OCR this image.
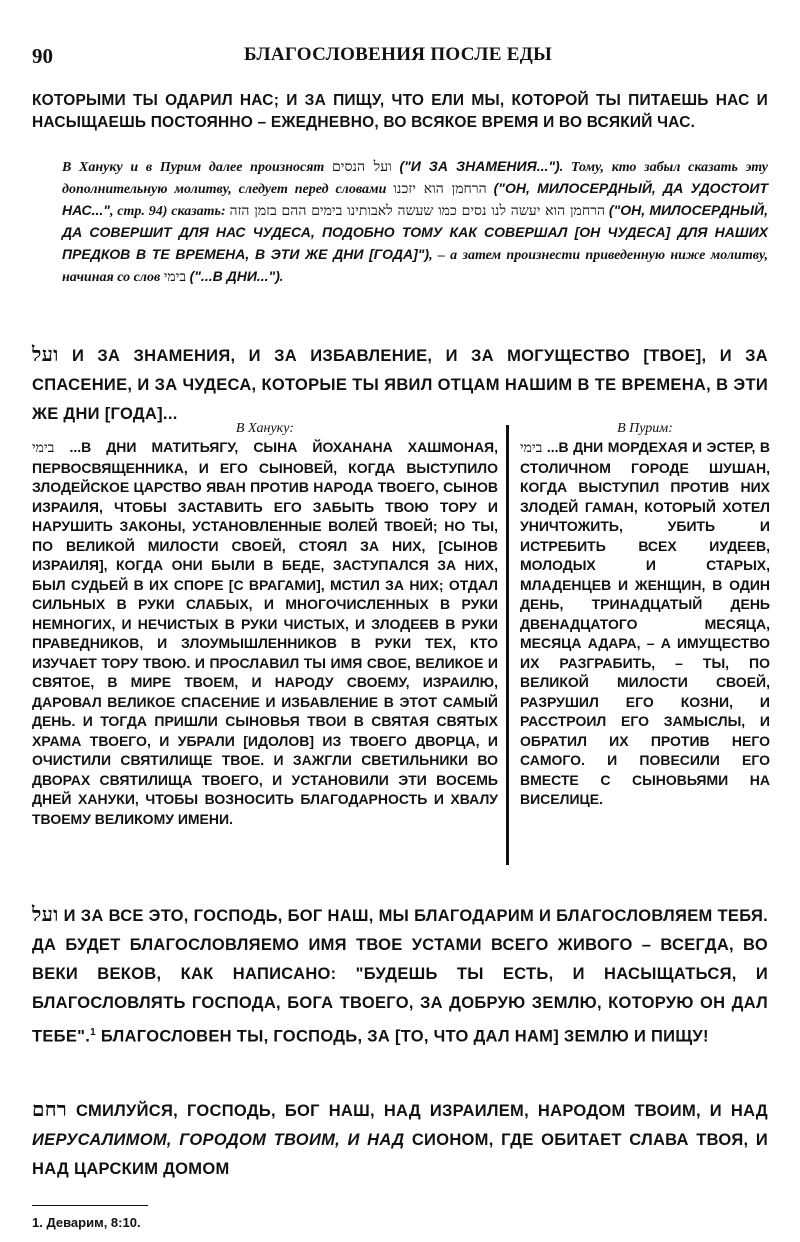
90	БЛАГОСЛОВЕНИЯ ПОСЛЕ ЕДЫ

КОТОРЫМИ ТЫ ОДАРИЛ НАС; И ЗА ПИЩУ, ЧТО ЕЛИ МЫ, КОТОРОЙ ТЫ ПИТАЕШЬ НАС И НАСЫЩАЕШЬ ПОСТОЯННО – ЕЖЕДНЕВНО, ВО ВСЯКОЕ ВРЕМЯ И ВО ВСЯКИЙ ЧАС.

В Ханукy и в Пурим далее произносят ועל הנסים ("И ЗА ЗНАМЕНИЯ..."). Тому, кто забыл сказать эту дополнительную молитву, следует перед словами הרחמן הוא יזכנו ("ОН, МИЛОСЕРДНЫЙ, ДА УДОСТОИТ НАС...", стр. 94) сказать: הרחמן הוא יעשה לנו נסים כמו שעשה לאבותינו בימים ההם בזמן הזה ("ОН, МИЛОСЕРДНЫЙ, ДА СОВЕРШИТ ДЛЯ НАС ЧУДЕСА, ПОДОБНО ТОМУ КАК СОВЕРШАЛ [ОН ЧУДЕСА] ДЛЯ НАШИХ ПРЕДКОВ В ТЕ ВРЕМЕНА, В ЭТИ ЖЕ ДНИ [ГОДА]"), – а затем произнести приведенную ниже молитву, начиная со слов בימי ("...В ДНИ...").

ועל И ЗА ЗНАМЕНИЯ, И ЗА ИЗБАВЛЕНИЕ, И ЗА МОГУЩЕСТВО [ТВОЕ], И ЗА СПАСЕНИЕ, И ЗА ЧУДЕСА, КОТОРЫЕ ТЫ ЯВИЛ ОТЦАМ НАШИМ В ТЕ ВРЕМЕНА, В ЭТИ ЖЕ ДНИ [ГОДА]...

В Ханукy:

בימי ...В ДНИ МАТИТЬЯГУ, СЫНА ЙОХАНАНА ХАШМОНАЯ, ПЕРВОСВЯЩЕННИКА, И ЕГО СЫНОВЕЙ, КОГДА ВЫСТУПИЛО ЗЛОДЕЙСКОЕ ЦАРСТВО ЯВАН ПРОТИВ НАРОДА ТВОЕГО, СЫНОВ ИЗРАИЛЯ, ЧТОБЫ ЗАСТАВИТЬ ЕГО ЗАБЫТЬ ТВОЮ ТОРУ И НАРУШИТЬ ЗАКОНЫ, УСТАНОВЛЕННЫЕ ВОЛЕЙ ТВОЕЙ; НО ТЫ, ПО ВЕЛИКОЙ МИЛОСТИ СВОЕЙ, СТОЯЛ ЗА НИХ, [СЫНОВ ИЗРАИЛЯ], КОГДА ОНИ БЫЛИ В БЕДЕ, ЗАСТУПАЛСЯ ЗА НИХ, БЫЛ СУДЬЕЙ В ИХ СПОРЕ [С ВРАГАМИ], МСТИЛ ЗА НИХ; ОТДАЛ СИЛЬНЫХ В РУКИ СЛАБЫХ, И МНОГОЧИСЛЕННЫХ В РУКИ НЕМНОГИХ, И НЕЧИСТЫХ В РУКИ ЧИСТЫХ, И ЗЛОДЕЕВ В РУКИ ПРАВЕДНИКОВ, И ЗЛОУМЫШЛЕННИКОВ В РУКИ ТЕХ, КТО ИЗУЧАЕТ ТОРУ ТВОЮ. И ПРОСЛАВИЛ ТЫ ИМЯ СВОЕ, ВЕЛИКОЕ И СВЯТОЕ, В МИРЕ ТВОЕМ, И НАРОДУ СВОЕМУ, ИЗРАИЛЮ, ДАРОВАЛ ВЕЛИКОЕ СПАСЕНИЕ И ИЗБАВЛЕНИЕ В ЭТОТ САМЫЙ ДЕНЬ. И ТОГДА ПРИШЛИ СЫНОВЬЯ ТВОИ В СВЯТАЯ СВЯТЫХ ХРАМА ТВОЕГО, И УБРАЛИ [ИДОЛОВ] ИЗ ТВОЕГО ДВОРЦА, И ОЧИСТИЛИ СВЯТИЛИЩЕ ТВОЕ. И ЗАЖГЛИ СВЕТИЛЬНИКИ ВО ДВОРАХ СВЯТИЛИЩА ТВОЕГО, И УСТАНОВИЛИ ЭТИ ВОСЕМЬ ДНЕЙ ХАНУКИ, ЧТОБЫ ВОЗНОСИТЬ БЛАГОДАРНОСТЬ И ХВАЛУ ТВОЕМУ ВЕЛИКОМУ ИМЕНИ.

В Пурим:

בימי ...В ДНИ МОРДЕХАЯ И ЭСТЕР, В СТОЛИЧНОМ ГОРОДЕ ШУШАН, КОГДА ВЫСТУПИЛ ПРОТИВ НИХ ЗЛОДЕЙ ГАМАН, КОТОРЫЙ ХОТЕЛ УНИЧТОЖИТЬ, УБИТЬ И ИСТРЕБИТЬ ВСЕХ ИУДЕЕВ, МОЛОДЫХ И СТАРЫХ, МЛАДЕНЦЕВ И ЖЕНЩИН, В ОДИН ДЕНЬ, ТРИНАДЦАТЫЙ ДЕНЬ ДВЕНАДЦАТОГО МЕСЯЦА, МЕСЯЦА АДАРА, – А ИМУЩЕСТВО ИХ РАЗГРАБИТЬ, – ТЫ, ПО ВЕЛИКОЙ МИЛОСТИ СВОЕЙ, РАЗРУШИЛ ЕГО КОЗНИ, И РАССТРОИЛ ЕГО ЗАМЫСЛЫ, И ОБРАТИЛ ИХ ПРОТИВ НЕГО САМОГО. И ПОВЕСИЛИ ЕГО ВМЕСТЕ С СЫНОВЬЯМИ НА ВИСЕЛИЦЕ.

ועל И ЗА ВСЕ ЭТО, ГОСПОДЬ, БОГ НАШ, МЫ БЛАГОДАРИМ И БЛАГОСЛОВЛЯЕМ ТЕБЯ. ДА БУДЕТ БЛАГОСЛОВЛЯЕМО ИМЯ ТВОЕ УСТАМИ ВСЕГО ЖИВОГО – ВСЕГДА, ВО ВЕКИ ВЕКОВ, КАК НАПИСАНО: "БУДЕШЬ ТЫ ЕСТЬ, И НАСЫЩАТЬСЯ, И БЛАГОСЛОВЛЯТЬ ГОСПОДА, БОГА ТВОЕГО, ЗА ДОБРУЮ ЗЕМЛЮ, КОТОРУЮ ОН ДАЛ ТЕБЕ".$^1$ БЛАГОСЛОВЕН ТЫ, ГОСПОДЬ, ЗА [ТО, ЧТО ДАЛ НАМ] ЗЕМЛЮ И ПИЩУ!

רחם СМИЛУЙСЯ, ГОСПОДЬ, БОГ НАШ, НАД ИЗРАИЛЕМ, НАРОДОМ ТВОИМ, И НАД ИЕРУСАЛИМОМ, ГОРОДОМ ТВОИМ, И НАД СИОНОМ, ГДЕ ОБИТАЕТ СЛАВА ТВОЯ, И НАД ЦАРСКИМ ДОМОМ

1. Деварим, 8:10.
